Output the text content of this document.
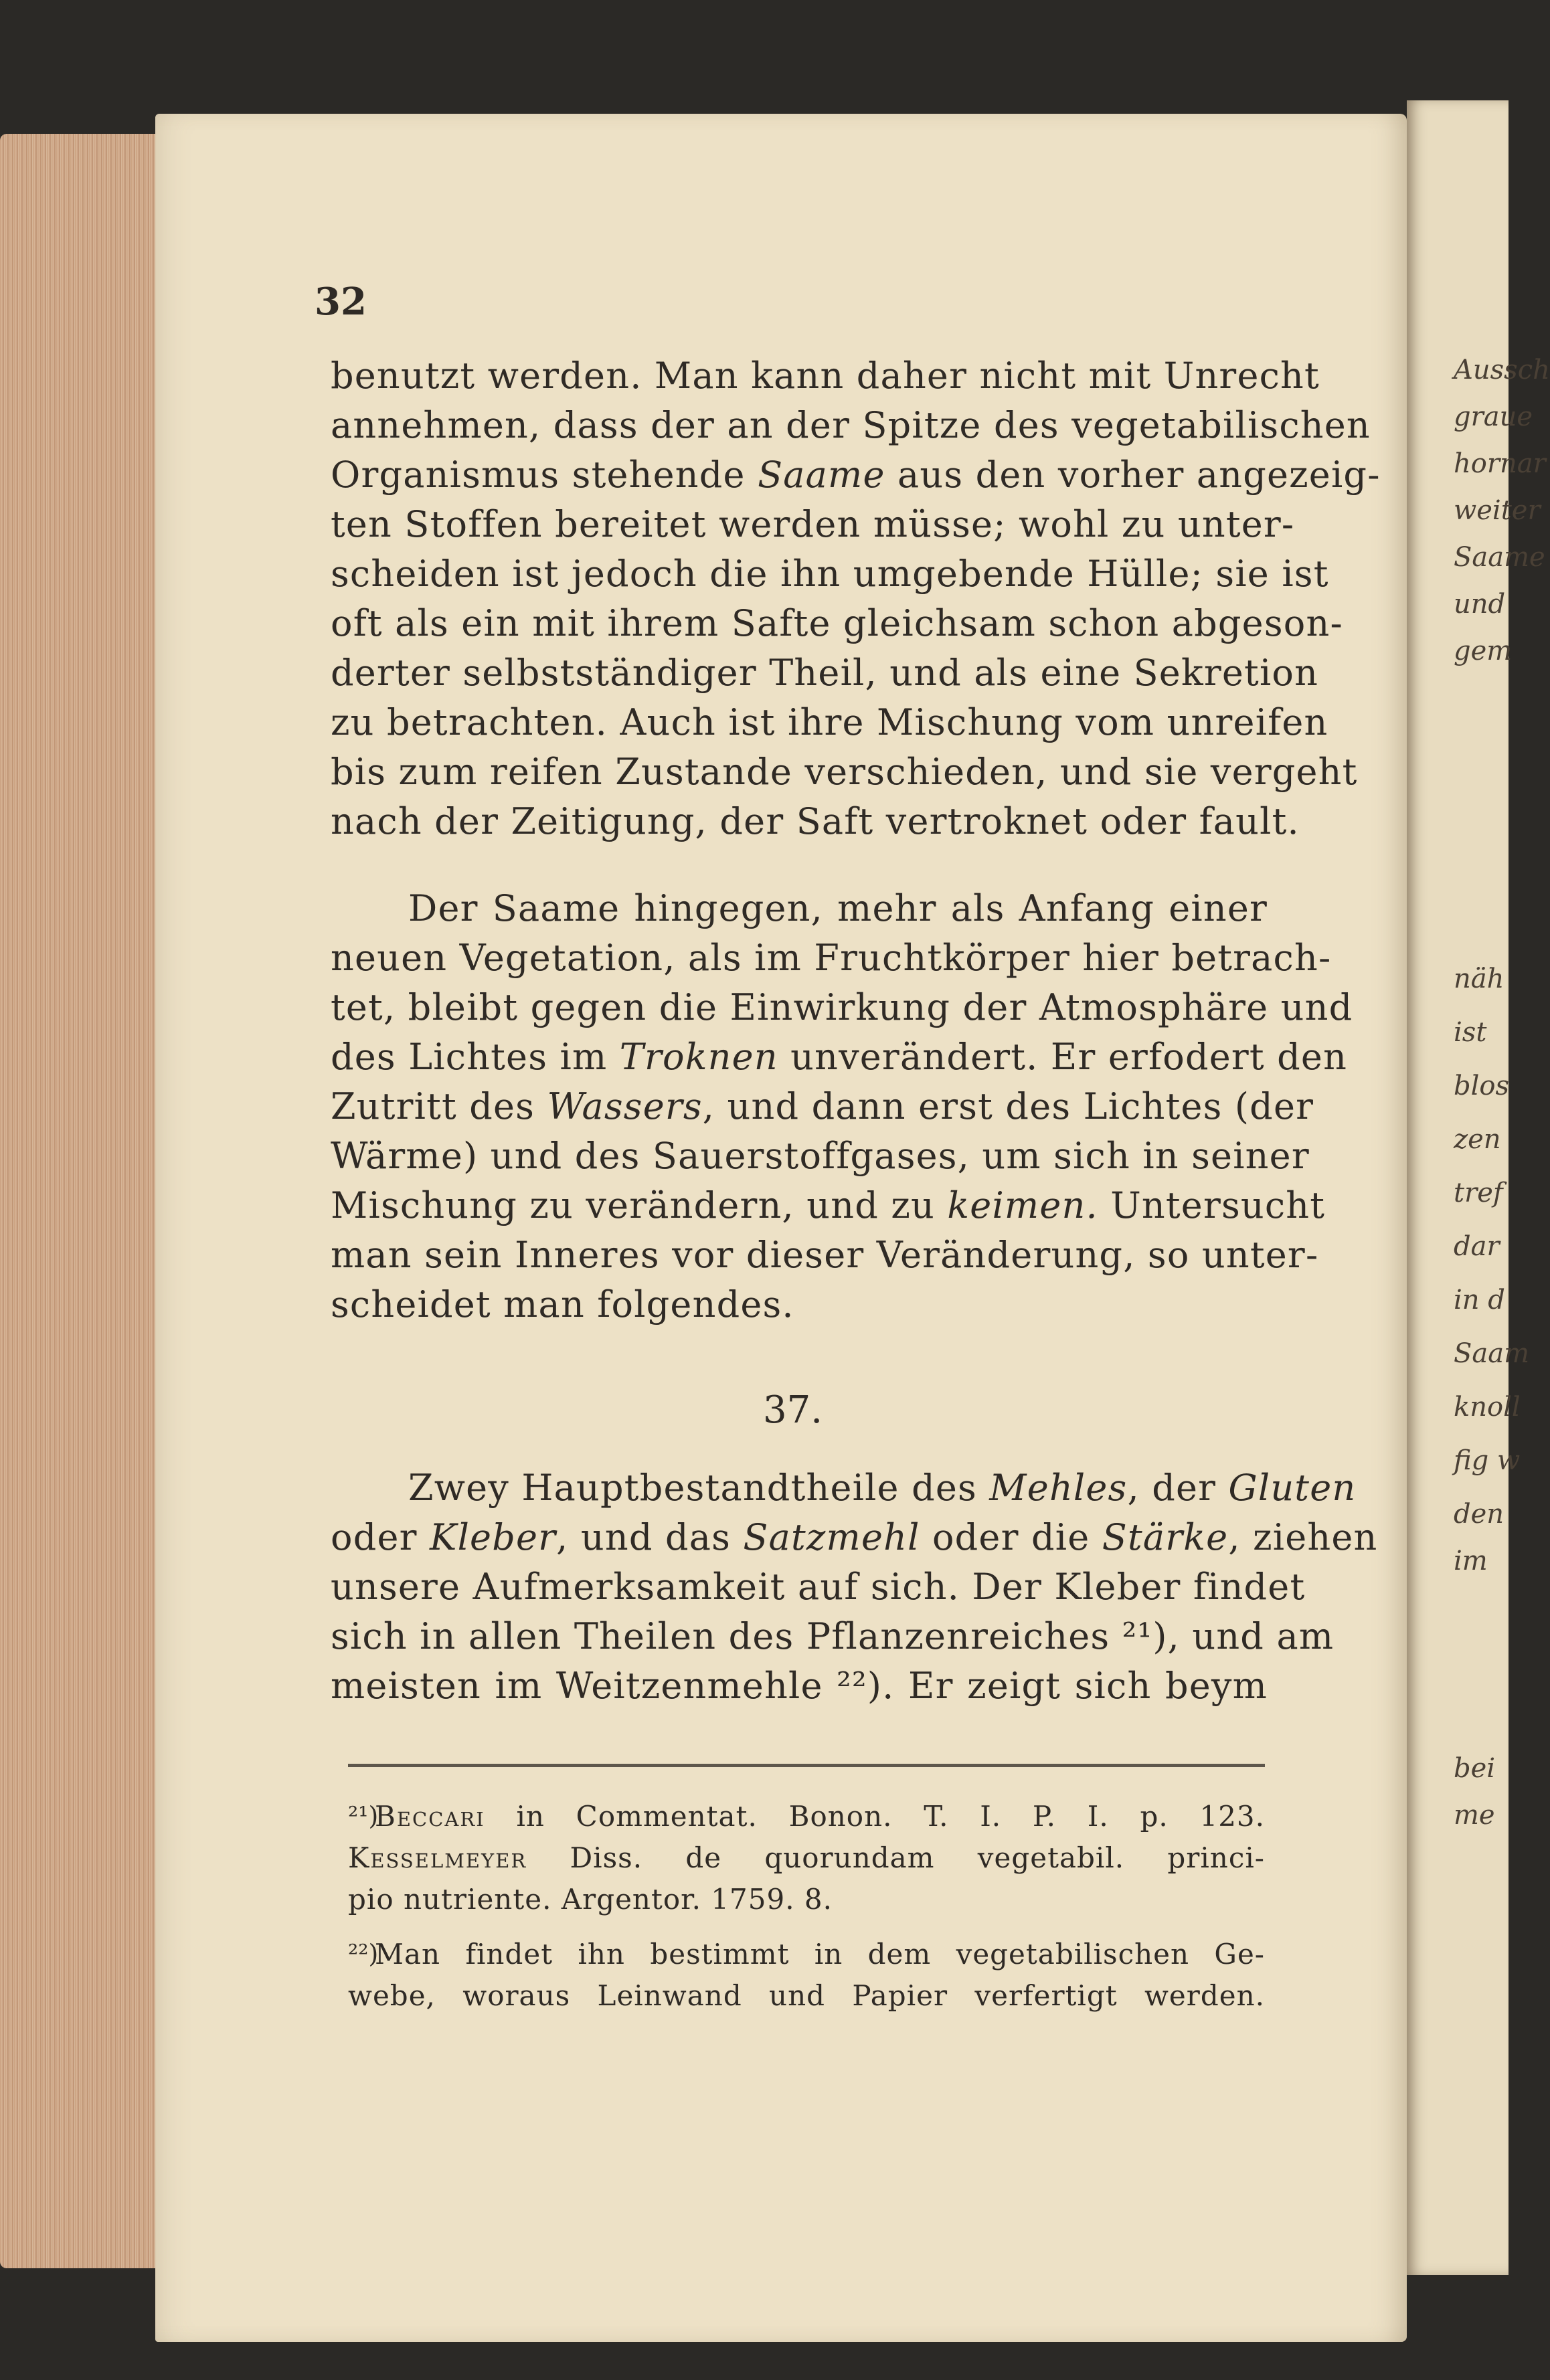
Aussch
graue
hornar
weiter
Saame
und
gem
näh
ist
blos
zen
tref
dar
in d
Saam
knoll
fig w
den
im
bei
me
32
benutzt werden. Man kann daher nicht mit Unrecht
annehmen, dass der an der Spitze des vegetabilischen
Organismus stehende Saame aus den vorher angezeig-
ten Stoffen bereitet werden müsse; wohl zu unter-
scheiden ist jedoch die ihn umgebende Hülle; sie ist
oft als ein mit ihrem Safte gleichsam schon abgeson-
derter selbstständiger Theil, und als eine Sekretion
zu betrachten. Auch ist ihre Mischung vom unreifen
bis zum reifen Zustande verschieden, und sie vergeht
nach der Zeitigung, der Saft vertroknet oder fault.
Der Saame hingegen, mehr als Anfang einer
neuen Vegetation, als im Fruchtkörper hier betrach-
tet, bleibt gegen die Einwirkung der Atmosphäre und
des Lichtes im Troknen unverändert. Er erfodert den
Zutritt des Wassers, und dann erst des Lichtes (der
Wärme) und des Sauerstoffgases, um sich in seiner
Mischung zu verändern, und zu keimen. Untersucht
man sein Inneres vor dieser Veränderung, so unter-
scheidet man folgendes.
37.
Zwey Hauptbestandtheile des Mehles, der Gluten
oder Kleber, und das Satzmehl oder die Stärke, ziehen
unsere Aufmerksamkeit auf sich. Der Kleber findet
sich in allen Theilen des Pflanzenreiches ²¹), und am
meisten im Weitzenmehle ²²). Er zeigt sich beym
²¹)
Beccari in Commentat. Bonon. T. I. P. I. p. 123.
Kesselmeyer Diss. de quorundam vegetabil. princi-
pio nutriente. Argentor. 1759. 8.
²²)
Man findet ihn bestimmt in dem vegetabilischen Ge-
webe, woraus Leinwand und Papier verfertigt werden.
